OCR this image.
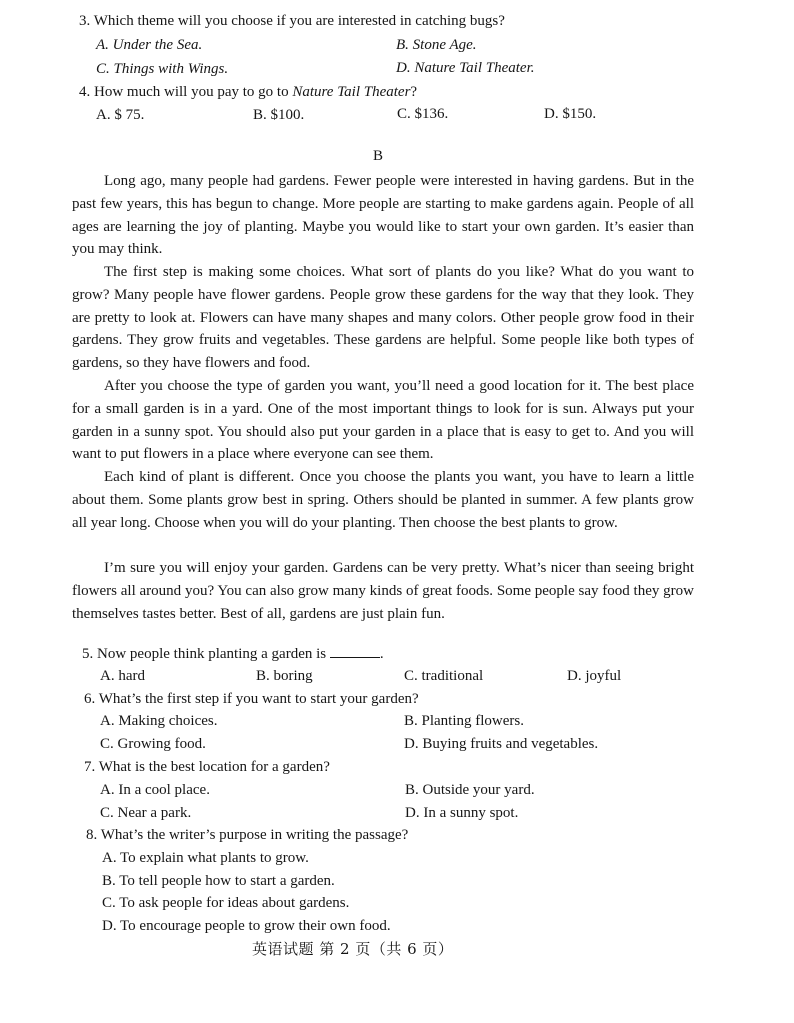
3. Which theme will you choose if you are interested in catching bugs?
A. Under the Sea.	B. Stone Age.
C. Things with Wings.	D. Nature Tail Theater.
4. How much will you pay to go to Nature Tail Theater?
A. $ 75.	B. $100.	C. $136.	D. $150.
B

Long ago, many people had gardens. Fewer people were interested in having gardens. But in the past few years, this has begun to change. More people are starting to make gardens again. People of all ages are learning the joy of planting. Maybe you would like to start your own garden. It’s easier than you may think.

The first step is making some choices. What sort of plants do you like? What do you want to grow? Many people have flower gardens. People grow these gardens for the way that they look. They are pretty to look at. Flowers can have many shapes and many colors. Other people grow food in their gardens. They grow fruits and vegetables. These gardens are helpful. Some people like both types of gardens, so they have flowers and food.

After you choose the type of garden you want, you’ll need a good location for it. The best place for a small garden is in a yard. One of the most important things to look for is sun. Always put your garden in a sunny spot. You should also put your garden in a place that is easy to get to. And you will want to put flowers in a place where everyone can see them.

Each kind of plant is different. Once you choose the plants you want, you have to learn a little about them. Some plants grow best in spring. Others should be planted in summer. A few plants grow all year long. Choose when you will do your planting. Then choose the best plants to grow.

I’m sure you will enjoy your garden. Gardens can be very pretty. What’s nicer than seeing bright flowers all around you? You can also grow many kinds of great foods. Some people say food they grow themselves tastes better. Best of all, gardens are just plain fun.

5. Now people think planting a garden is	.
A. hard	B. boring	C. traditional	D. joyful
6. What’s the first step if you want to start your garden?
A. Making choices.	B. Planting flowers.
C. Growing food.	D. Buying fruits and vegetables.
7. What is the best location for a garden?
A. In a cool place.	B. Outside your yard.
C. Near a park.	D. In a sunny spot.
8. What’s the writer’s purpose in writing the passage?
A. To explain what plants to grow.
B. To tell people how to start a garden.
C. To ask people for ideas about gardens.
D. To encourage people to grow their own food.
英语试题 第 2 页（共 6 页）
